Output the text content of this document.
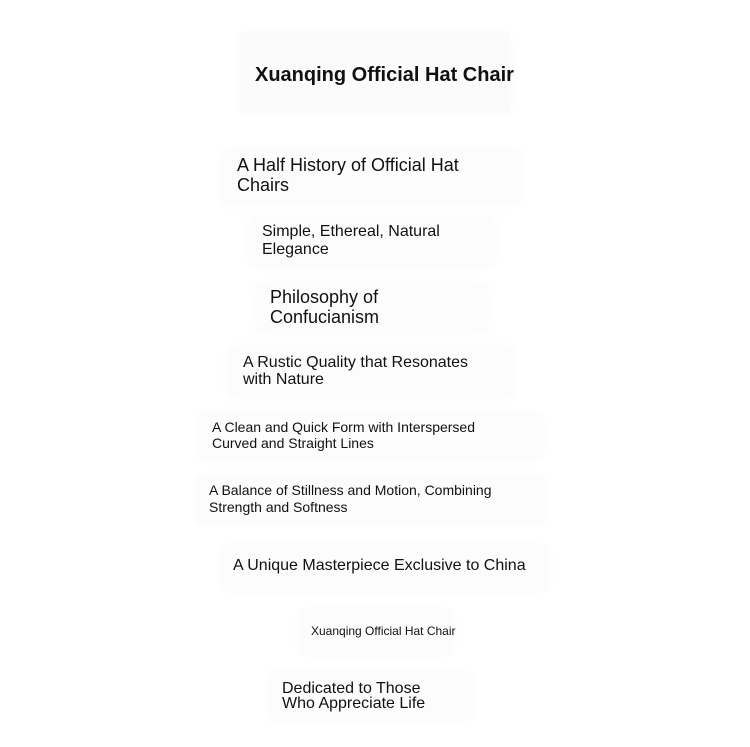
Xuanqing Official Hat Chair
A Half History of Official Hat
Chairs
Simple, Ethereal, Natural
Elegance
Philosophy of
Confucianism
A Rustic Quality that Resonates
with Nature
A Clean and Quick Form with Interspersed
Curved and Straight Lines
A Balance of Stillness and Motion, Combining
Strength and Softness
A Unique Masterpiece Exclusive to China
Xuanqing Official Hat Chair
Dedicated to Those
Who Appreciate Life
